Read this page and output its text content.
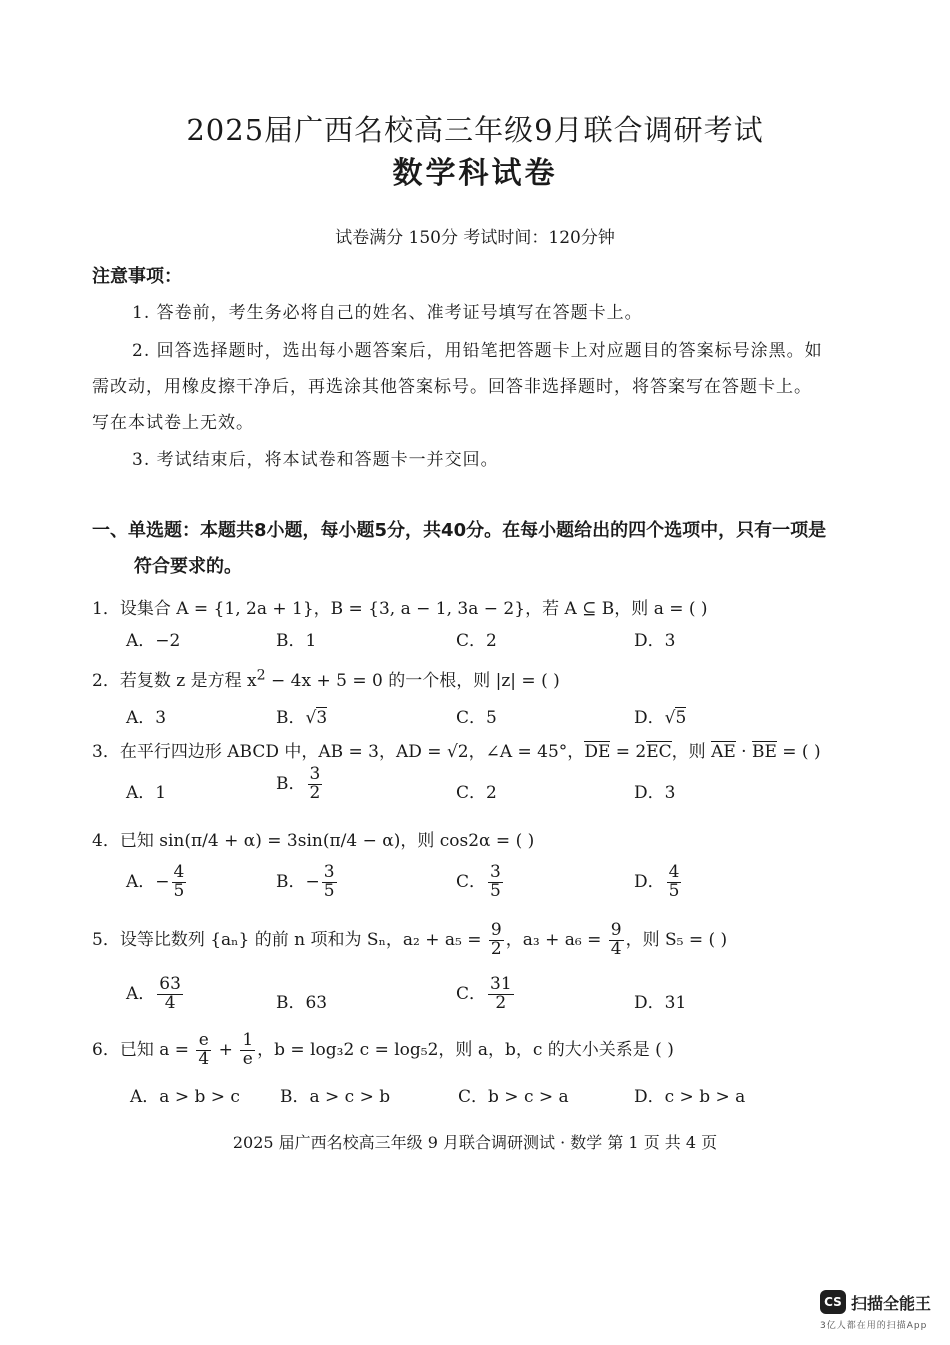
2025届广西名校高三年级9月联合调研考试
数学科试卷
试卷满分 150分 考试时间：120分钟
注意事项：
1. 答卷前，考生务必将自己的姓名、准考证号填写在答题卡上。
2. 回答选择题时，选出每小题答案后，用铅笔把答题卡上对应题目的答案标号涂黑。如
需改动，用橡皮擦干净后，再选涂其他答案标号。回答非选择题时，将答案写在答题卡上。
写在本试卷上无效。
3. 考试结束后，将本试卷和答题卡一并交回。
一、单选题：本题共8小题，每小题5分，共40分。在每小题给出的四个选项中，只有一项是
符合要求的。
1．设集合 A = {1, 2a + 1}，B = {3, a − 1, 3a − 2}，若 A ⊆ B，则 a = ( )
A．−2	B．1	C．2	D．3
2．若复数 z 是方程 $x^2 - 4x + 5 = 0$ 的一个根，则 |z| = ( )
A．3	B．√3	C．5	D．√5
3．在平行四边形 ABCD 中，AB = 3，AD = √2，∠A = 45°，DE = 2EC，则 AE · BE = ( )
A．1	B． $\frac{3}{2}$	C．2	D．3
4．已知 sin(π/4 + α) = 3sin(π/4 − α)，则 cos2α = ( )
A．− $\frac{4}{5}$	B．− $\frac{3}{5}$	C． $\frac{3}{5}$	D． $\frac{4}{5}$
5．设等比数列 {aₙ} 的前 n 项和为 Sₙ，$a_2 + a_5 = \frac{9}{2}$ ，$a_3 + a_6 = \frac{9}{4}$ ，则 S₅ = ( )
A． $\frac{63}{4}$	B．63	C． $\frac{31}{2}$	D．31
6．已知 $a = \frac{e}{4} + \frac{1}{e}$ ，b = log₃2 c = log₅2，则 a，b，c 的大小关系是 ( )
A．a > b > c B．a > c > b	C．b > c > a	D．c > b > a
2025 届广西名校高三年级 9 月联合调研测试 · 数学 第 1 页 共 4 页
CS 扫描全能王
3亿人都在用的扫描App
